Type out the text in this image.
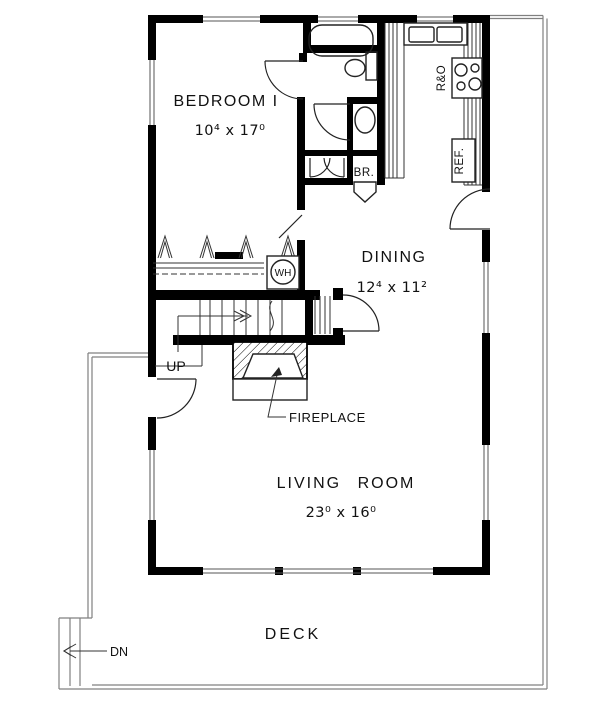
BEDROOM I
10⁴ x 17⁰
DINING
12⁴ x 11²
LIVING ROOM
23⁰ x 16⁰
DECK
BR.
WH
R&O
REF.
UP
DN
FIREPLACE
